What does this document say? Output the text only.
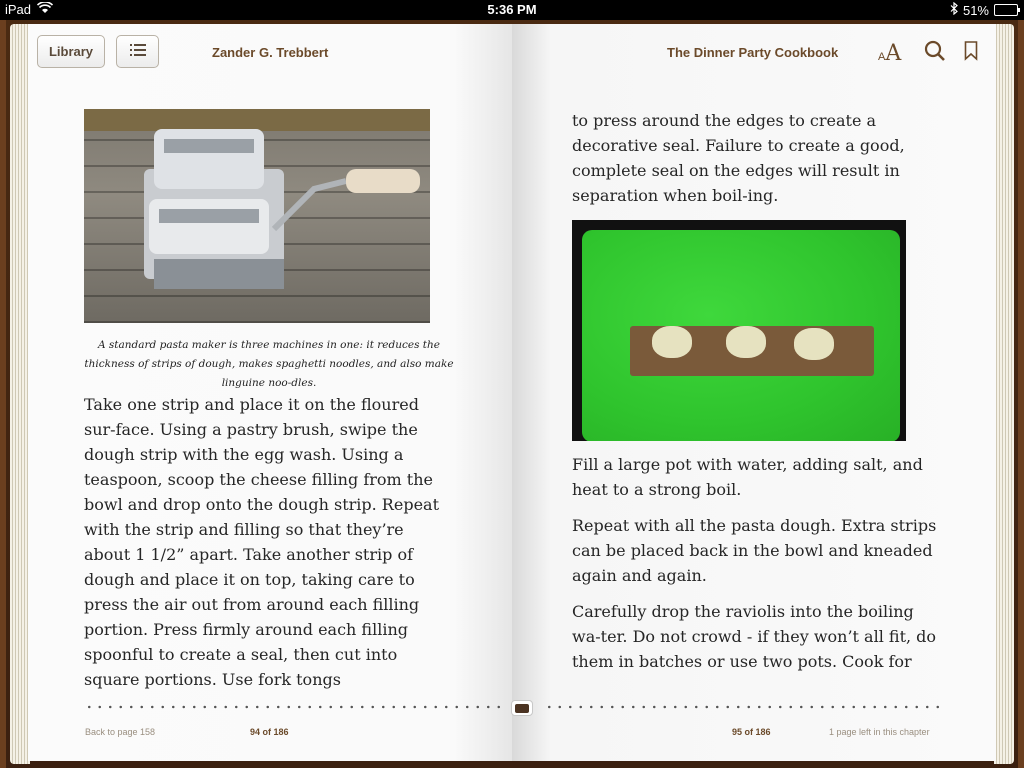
iPad	5:36 PM	51%
Library	Zander G. Trebbert
A standard pasta maker is three machines in one: it reduces the thickness of strips of dough, makes spaghetti noodles, and also make linguine noo-dles.

Take one strip and place it on the floured sur-face. Using a pastry brush, swipe the dough strip with the egg wash. Using a teaspoon, scoop the cheese filling from the bowl and drop onto the dough strip. Repeat with the strip and filling so that they’re about 1 1/2” apart. Take another strip of dough and place it on top, taking care to press the air out from around each filling portion. Press firmly around each filling spoonful to create a seal, then cut into square portions. Use fork tongs

Back to page 158	94 of 186
The Dinner Party Cookbook	AA

to press around the edges to create a decorative seal. Failure to create a good, complete seal on the edges will result in separation when boil-ing.

Fill a large pot with water, adding salt, and heat to a strong boil.

Repeat with all the pasta dough. Extra strips can be placed back in the bowl and kneaded again and again.

Carefully drop the raviolis into the boiling wa-ter. Do not crowd - if they won’t all fit, do them in batches or use two pots. Cook for

95 of 186	1 page left in this chapter
